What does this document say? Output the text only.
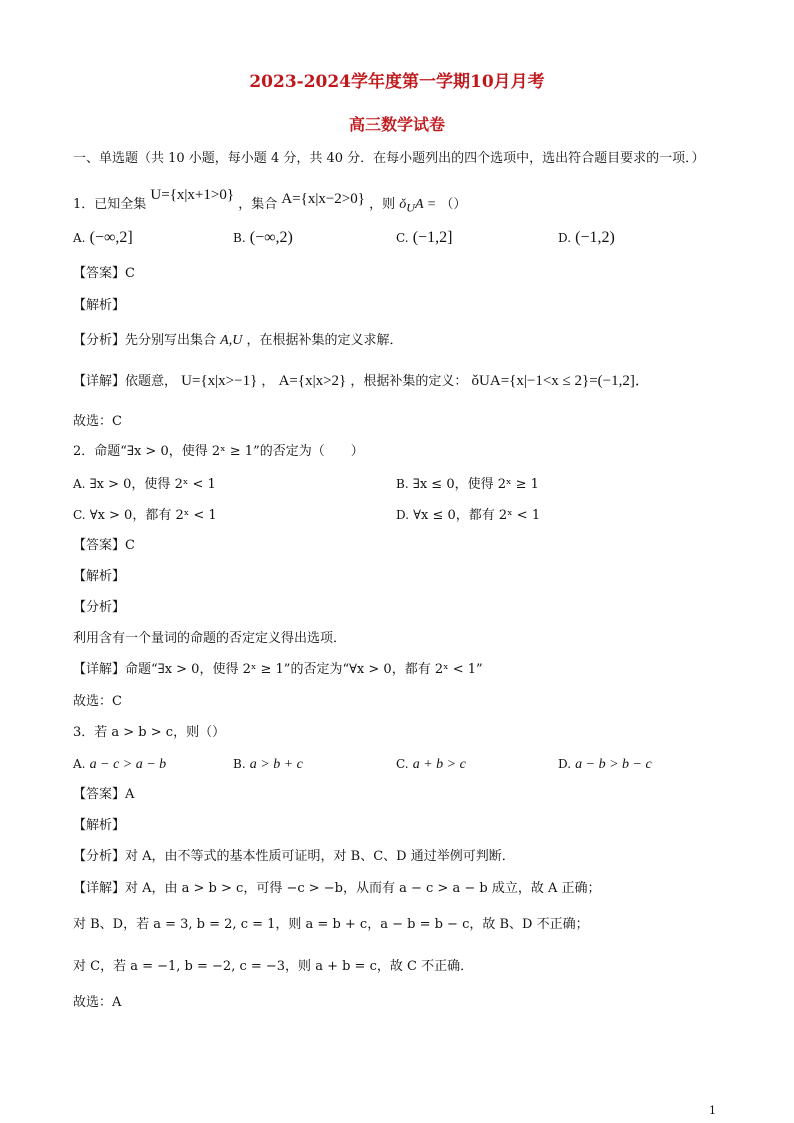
2023-2024学年度第一学期10月月考
高三数学试卷
一、单选题（共 10 小题，每小题 4 分，共 40 分．在每小题列出的四个选项中，选出符合题目要求的一项．）
1．已知全集 U={x|x+1>0} ，集合 A={x|x−2>0} ，则 $ǒ_UA$ = （）
A. (−∞,2]	B. (−∞,2)	C. (−1,2]	D. (−1,2)
【答案】C
【解析】
【分析】先分别写出集合 A,U ，在根据补集的定义求解．
【详解】依题意， U={x|x>−1} ， A={x|x>2} ，根据补集的定义： ǒUA={x|−1<x ≤ 2}=(−1,2]．
故选：C
2．命题“∃x > 0，使得 2ˣ ≥ 1”的否定为（　　）
A. ∃x > 0，使得 2ˣ < 1	B. ∃x ≤ 0，使得 2ˣ ≥ 1
C. ∀x > 0，都有 2ˣ < 1	D. ∀x ≤ 0，都有 2ˣ < 1
【答案】C
【解析】
【分析】
利用含有一个量词的命题的否定定义得出选项．
【详解】命题“∃x > 0，使得 2ˣ ≥ 1”的否定为“∀x > 0，都有 2ˣ < 1”
故选：C
3．若 a > b > c，则（）
A. a − c > a − b	B. a > b + c	C. a + b > c	D. a − b > b − c
【答案】A
【解析】
【分析】对 A，由不等式的基本性质可证明，对 B、C、D 通过举例可判断．
【详解】对 A，由 a > b > c，可得 −c > −b，从而有 a − c > a − b 成立，故 A 正确；
对 B、D，若 a = 3, b = 2, c = 1，则 a = b + c，a − b = b − c，故 B、D 不正确；
对 C，若 a = −1, b = −2, c = −3，则 a + b = c，故 C 不正确．
故选：A
1
